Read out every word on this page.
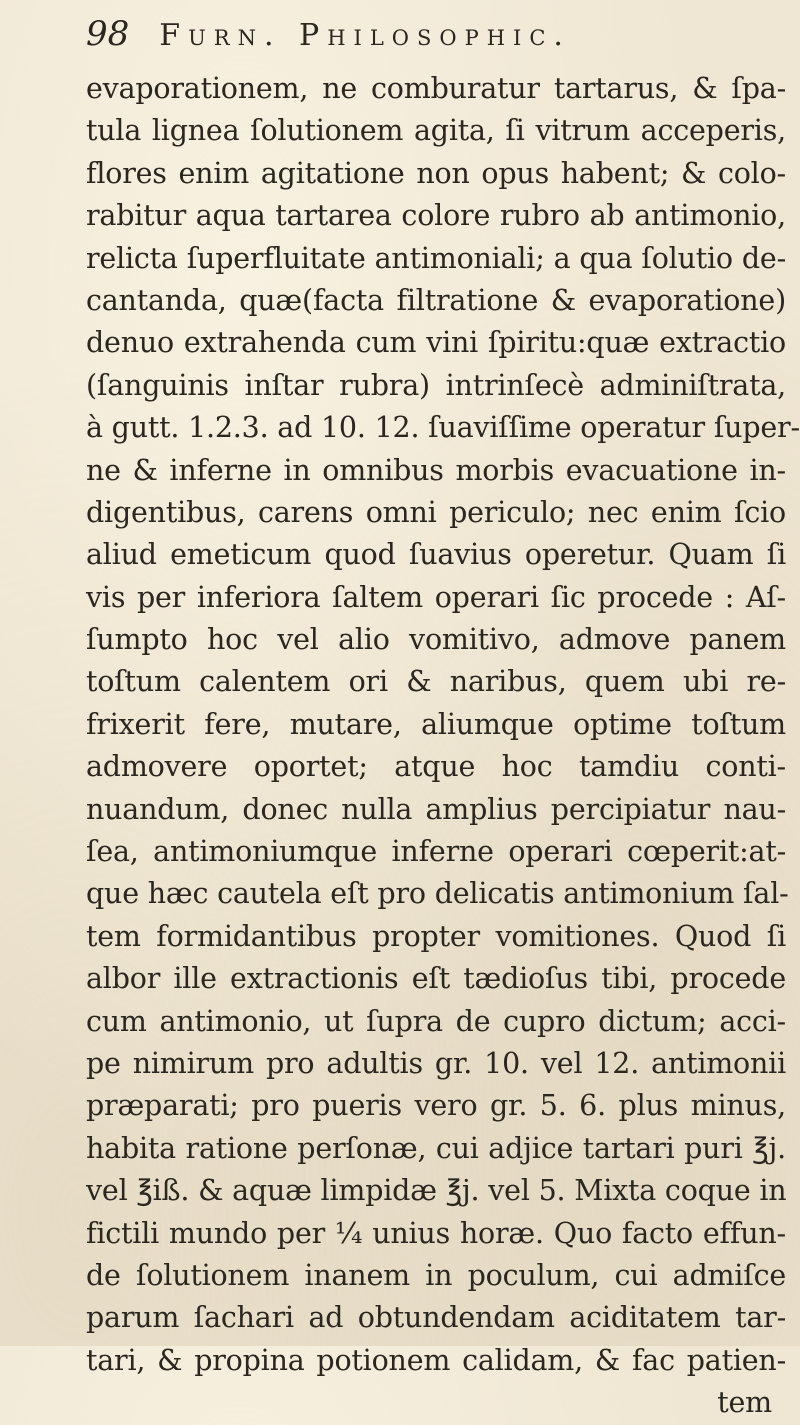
98 Furn. Philosophic.
evaporationem, ne comburatur tartarus, & ſpa-
tula lignea ſolutionem agita, ſi vitrum acceperis,
flores enim agitatione non opus habent; & colo-
rabitur aqua tartarea colore rubro ab antimonio,
relicta ſuperfluitate antimoniali; a qua ſolutio de-
cantanda, quæ(facta filtratione & evaporatione)
denuo extrahenda cum vini ſpiritu:quæ extractio
(ſanguinis inſtar rubra) intrinſecè adminiſtrata,
à gutt. 1.2.3. ad 10. 12. ſuaviſſime operatur ſuper-
ne & inferne in omnibus morbis evacuatione in-
digentibus, carens omni periculo; nec enim ſcio
aliud emeticum quod ſuavius operetur. Quam ſi
vis per inferiora ſaltem operari ſic procede : Aſ-
ſumpto hoc vel alio vomitivo, admove panem
toſtum calentem ori & naribus, quem ubi re-
frixerit fere, mutare, aliumque optime toſtum
admovere oportet; atque hoc tamdiu conti-
nuandum, donec nulla amplius percipiatur nau-
ſea, antimoniumque inferne operari cœperit:at-
que hæc cautela eſt pro delicatis antimonium ſal-
tem formidantibus propter vomitiones. Quod ſi
albor ille extractionis eſt tædioſus tibi, procede
cum antimonio, ut ſupra de cupro dictum; acci-
pe nimirum pro adultis gr. 10. vel 12. antimonii
præparati; pro pueris vero gr. 5. 6. plus minus,
habita ratione perſonæ, cui adjice tartari puri ℥j.
vel ℥iß. & aquæ limpidæ ℥j. vel 5. Mixta coque in
fictili mundo per ¼ unius horæ. Quo facto effun-
de ſolutionem inanem in poculum, cui admiſce
parum ſachari ad obtundendam aciditatem tar-
tari, & propina potionem calidam, & fac patien-
tem
